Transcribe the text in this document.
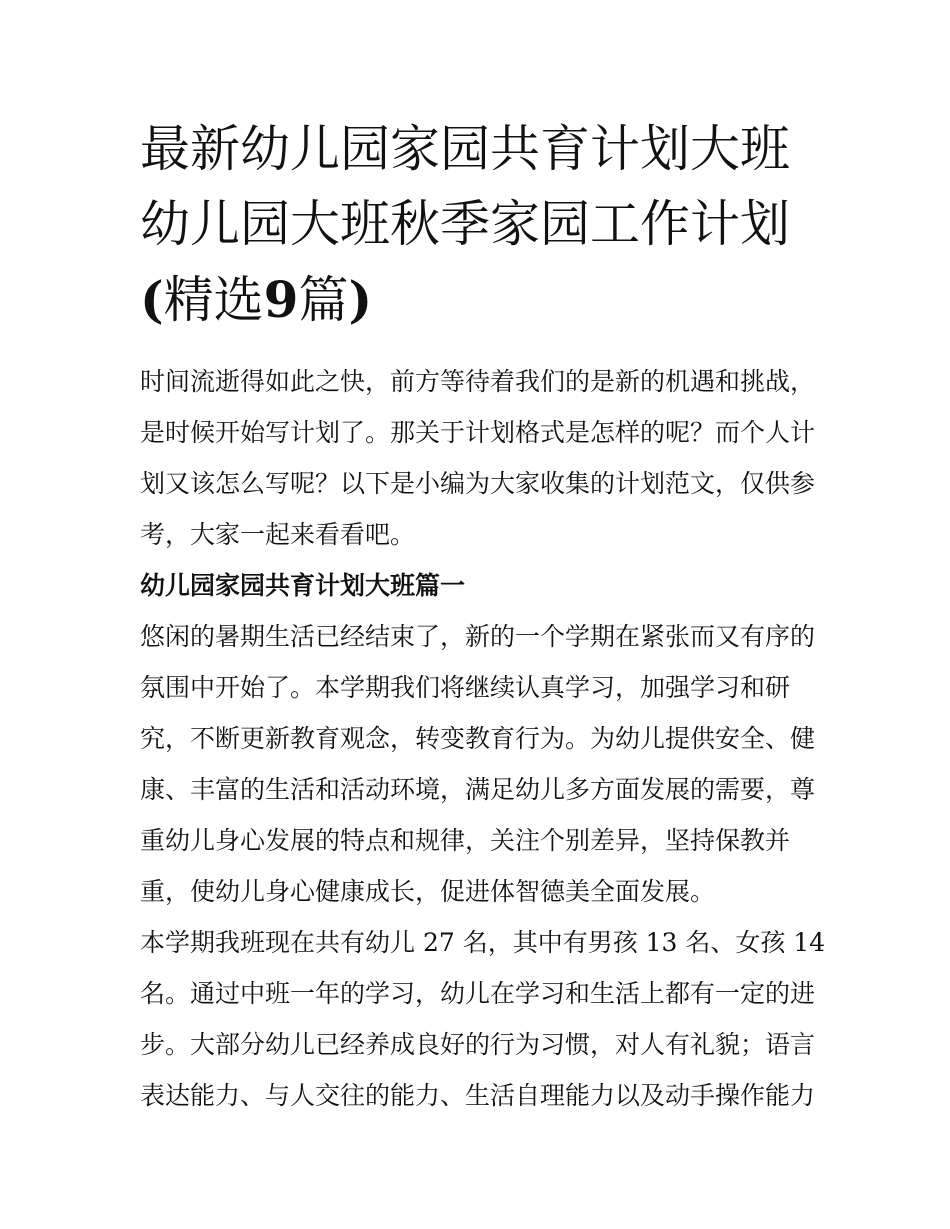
最新幼儿园家园共育计划大班
幼儿园大班秋季家园工作计划
(精选9篇)

时间流逝得如此之快，前方等待着我们的是新的机遇和挑战，
是时候开始写计划了。那关于计划格式是怎样的呢？而个人计
划又该怎么写呢？以下是小编为大家收集的计划范文，仅供参
考，大家一起来看看吧。

幼儿园家园共育计划大班篇一

悠闲的暑期生活已经结束了，新的一个学期在紧张而又有序的
氛围中开始了。本学期我们将继续认真学习，加强学习和研
究，不断更新教育观念，转变教育行为。为幼儿提供安全、健
康、丰富的生活和活动环境，满足幼儿多方面发展的需要，尊
重幼儿身心发展的特点和规律，关注个别差异，坚持保教并
重，使幼儿身心健康成长，促进体智德美全面发展。

本学期我班现在共有幼儿 27 名，其中有男孩 13 名、女孩 14
名。通过中班一年的学习，幼儿在学习和生活上都有一定的进
步。大部分幼儿已经养成良好的行为习惯，对人有礼貌；语言
表达能力、与人交往的能力、生活自理能力以及动手操作能力
